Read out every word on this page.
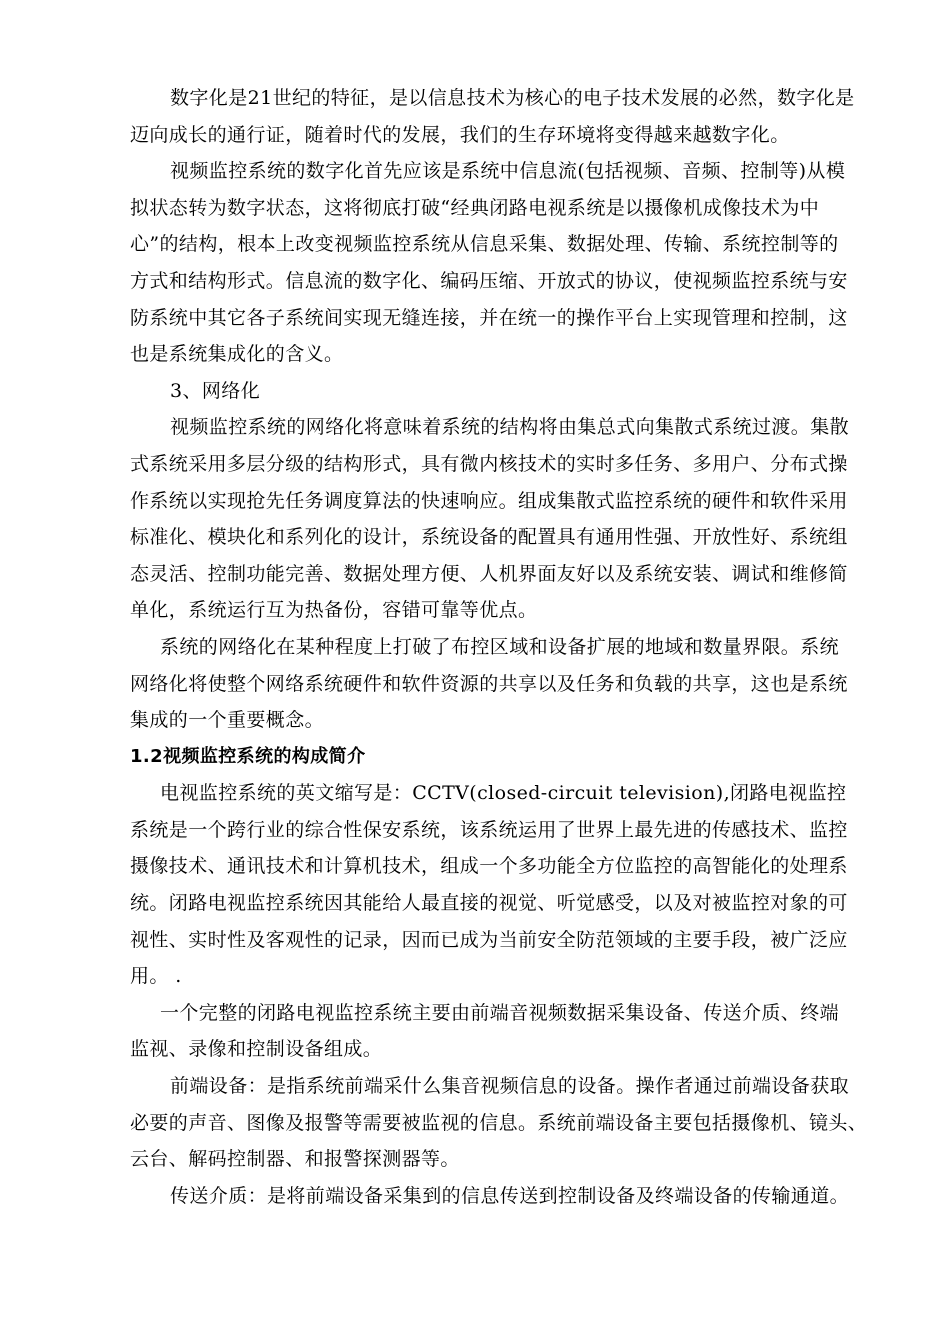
数字化是21世纪的特征，是以信息技术为核心的电子技术发展的必然，数字化是
迈向成长的通行证，随着时代的发展，我们的生存环境将变得越来越数字化。
视频监控系统的数字化首先应该是系统中信息流(包括视频、音频、控制等)从模
拟状态转为数字状态，这将彻底打破“经典闭路电视系统是以摄像机成像技术为中
心”的结构，根本上改变视频监控系统从信息采集、数据处理、传输、系统控制等的
方式和结构形式。信息流的数字化、编码压缩、开放式的协议，使视频监控系统与安
防系统中其它各子系统间实现无缝连接，并在统一的操作平台上实现管理和控制，这
也是系统集成化的含义。
3、网络化
视频监控系统的网络化将意味着系统的结构将由集总式向集散式系统过渡。集散
式系统采用多层分级的结构形式，具有微内核技术的实时多任务、多用户、分布式操
作系统以实现抢先任务调度算法的快速响应。组成集散式监控系统的硬件和软件采用
标准化、模块化和系列化的设计，系统设备的配置具有通用性强、开放性好、系统组
态灵活、控制功能完善、数据处理方便、人机界面友好以及系统安装、调试和维修简
单化，系统运行互为热备份，容错可靠等优点。
系统的网络化在某种程度上打破了布控区域和设备扩展的地域和数量界限。系统
网络化将使整个网络系统硬件和软件资源的共享以及任务和负载的共享，这也是系统
集成的一个重要概念。
1.2视频监控系统的构成简介
电视监控系统的英文缩写是：CCTV(closed-circuit television),闭路电视监控
系统是一个跨行业的综合性保安系统，该系统运用了世界上最先进的传感技术、监控
摄像技术、通讯技术和计算机技术，组成一个多功能全方位监控的高智能化的处理系
统。闭路电视监控系统因其能给人最直接的视觉、听觉感受，以及对被监控对象的可
视性、实时性及客观性的记录，因而已成为当前安全防范领域的主要手段，被广泛应
用。 .
一个完整的闭路电视监控系统主要由前端音视频数据采集设备、传送介质、终端
监视、录像和控制设备组成。
前端设备：是指系统前端采什么集音视频信息的设备。操作者通过前端设备获取
必要的声音、图像及报警等需要被监视的信息。系统前端设备主要包括摄像机、镜头、
云台、解码控制器、和报警探测器等。
传送介质：是将前端设备采集到的信息传送到控制设备及终端设备的传输通道。
